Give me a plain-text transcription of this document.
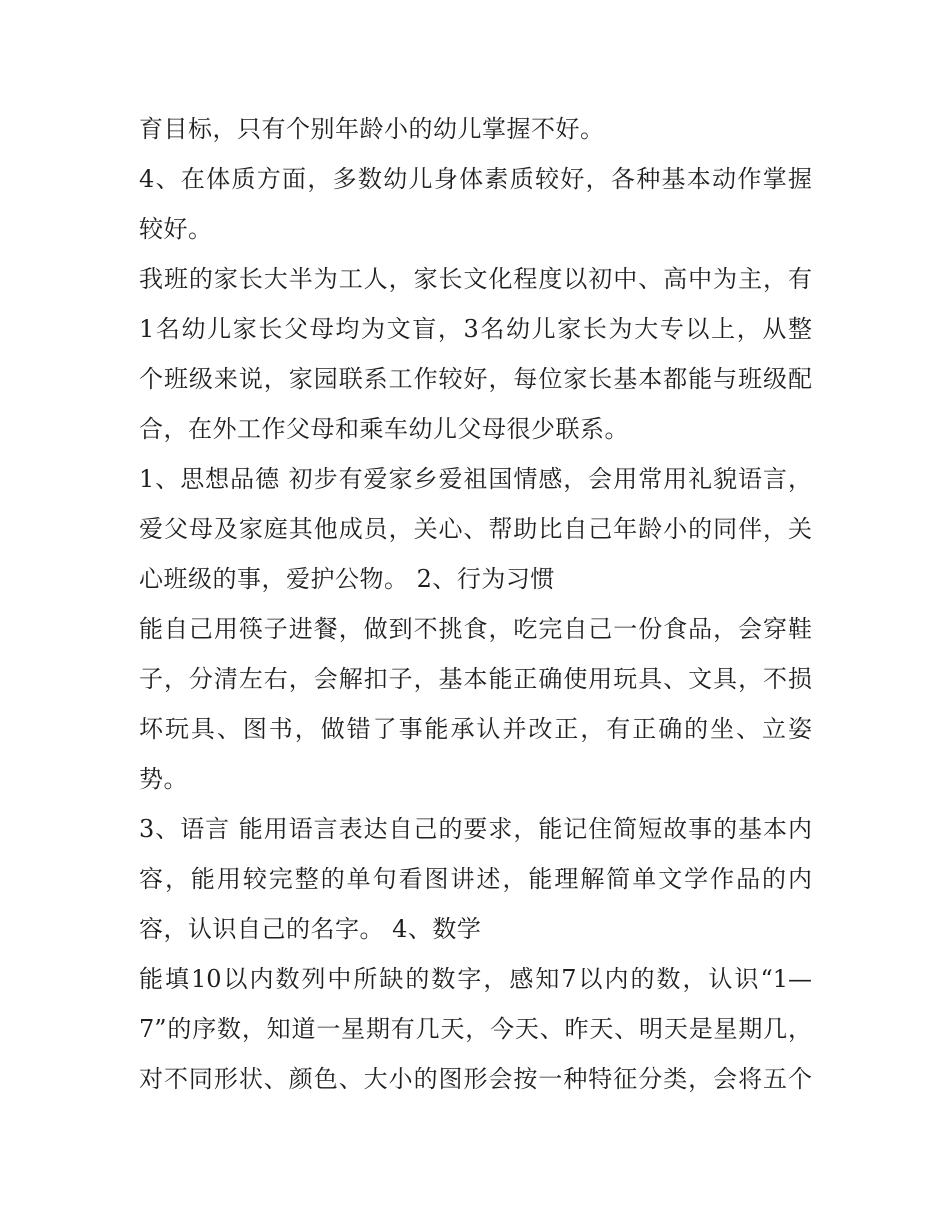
育目标，只有个别年龄小的幼儿掌握不好。
4、在体质方面，多数幼儿身体素质较好，各种基本动作掌握
较好。
我班的家长大半为工人，家长文化程度以初中、高中为主，有
1名幼儿家长父母均为文盲，3名幼儿家长为大专以上，从整
个班级来说，家园联系工作较好，每位家长基本都能与班级配
合，在外工作父母和乘车幼儿父母很少联系。
1、思想品德 初步有爱家乡爱祖国情感，会用常用礼貌语言，
爱父母及家庭其他成员，关心、帮助比自己年龄小的同伴，关
心班级的事，爱护公物。 2、行为习惯
能自己用筷子进餐，做到不挑食，吃完自己一份食品，会穿鞋
子，分清左右，会解扣子，基本能正确使用玩具、文具，不损
坏玩具、图书，做错了事能承认并改正，有正确的坐、立姿
势。
3、语言 能用语言表达自己的要求，能记住简短故事的基本内
容，能用较完整的单句看图讲述，能理解简单文学作品的内
容，认识自己的名字。 4、数学
能填10以内数列中所缺的数字，感知7以内的数，认识“1—
7”的序数，知道一星期有几天，今天、昨天、明天是星期几，
对不同形状、颜色、大小的图形会按一种特征分类，会将五个
